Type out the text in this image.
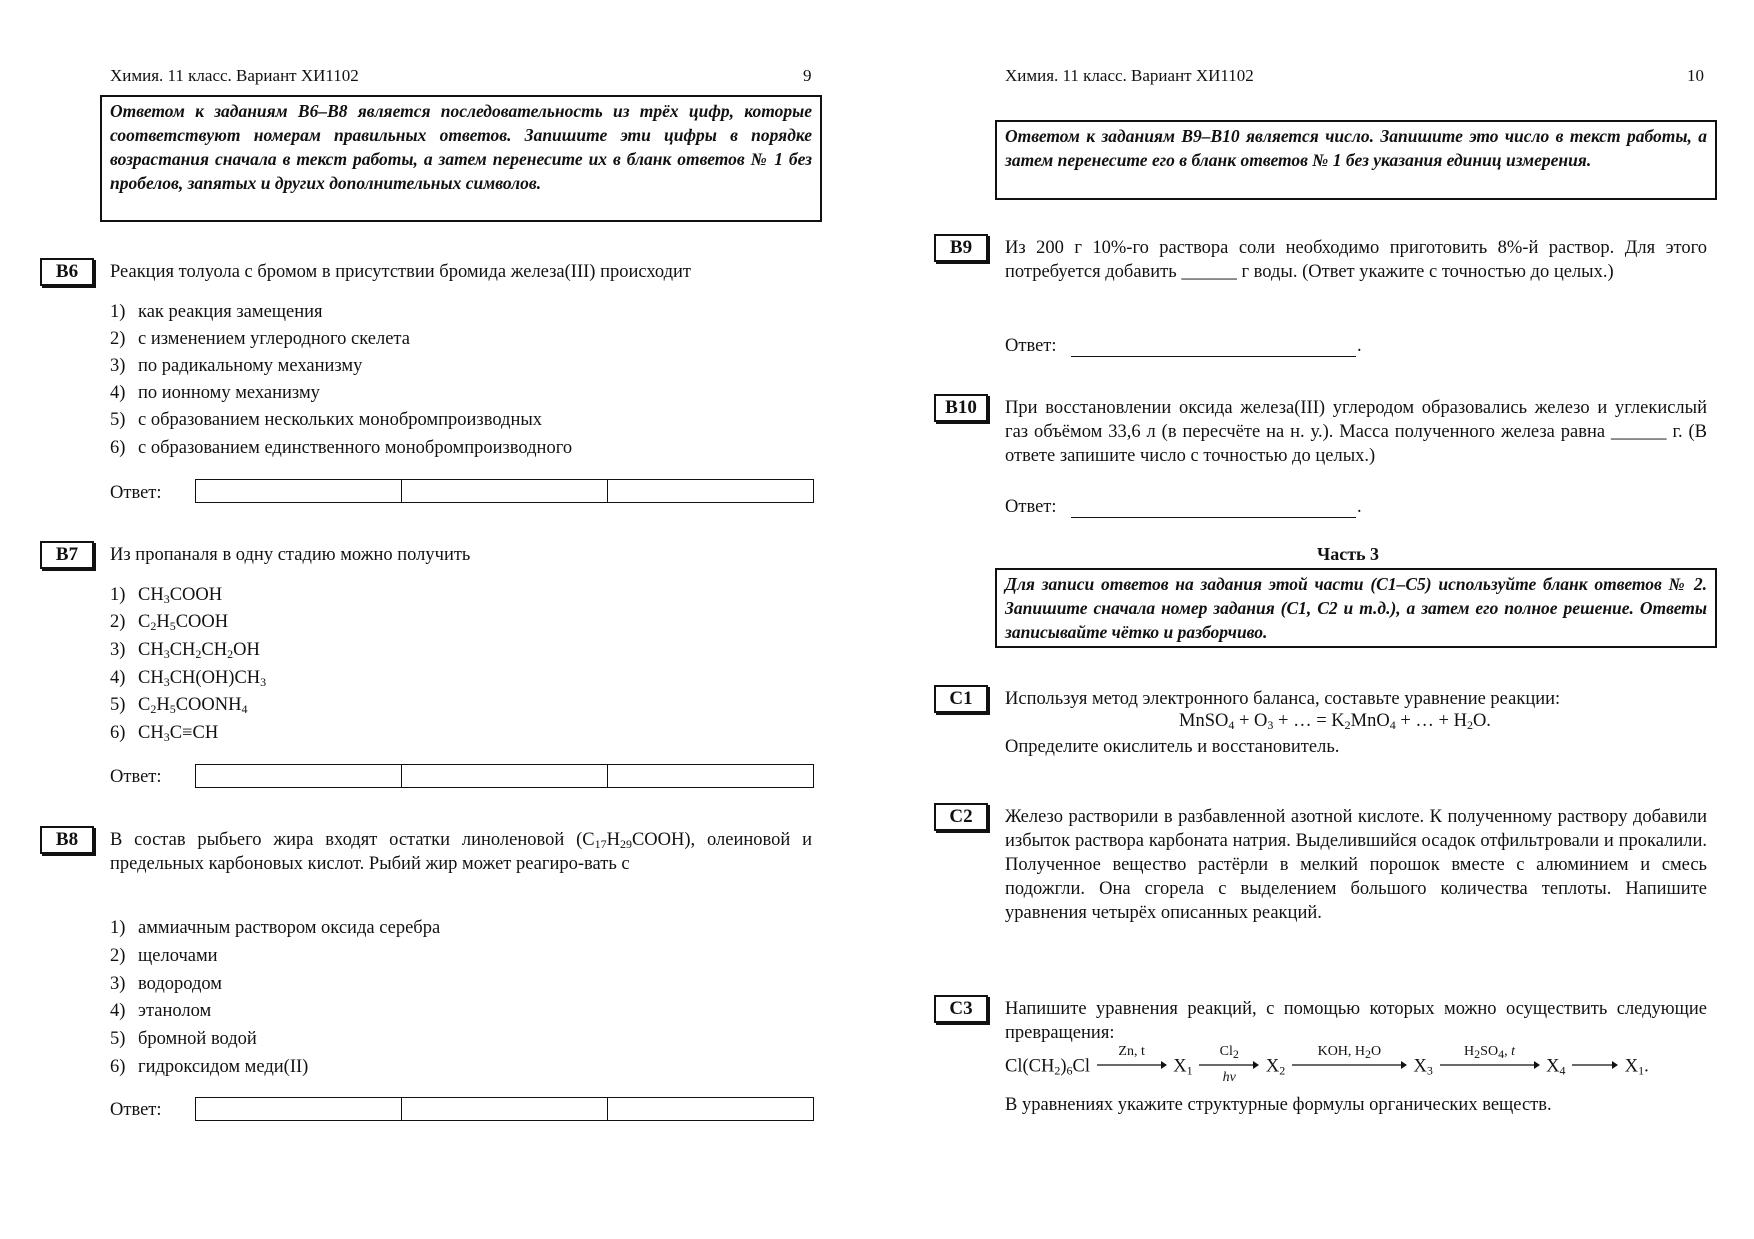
Химия. 11 класс. Вариант ХИ1102	9
Ответом к заданиям В6–В8 является последовательность из трёх цифр, которые соответствуют номерам правильных ответов. Запишите эти цифры в порядке возрастания сначала в текст работы, а затем перенесите их в бланк ответов № 1 без пробелов, запятых и других дополнительных символов.
В6	Реакция толуола с бромом в присутствии бромида железа(III) происходит
1) как реакция замещения
2) с изменением углеродного скелета
3) по радикальному механизму
4) по ионному механизму
5) с образованием нескольких монобромпроизводных
6) с образованием единственного монобромпроизводного
Ответ:
В7	Из пропаналя в одну стадию можно получить
1) $CH_3COOH$
2) $C_2H_5COOH$
3) $CH_3CH_2CH_2OH$
4) $CH_3CH(OH)CH_3$
5) $C_2H_5COONH_4$
6) $CH_3C\equiv CH$
Ответ:
В8	В состав рыбьего жира входят остатки линоленовой $(C_{17}H_{29}COOH)$, олеиновой и предельных карбоновых кислот. Рыбий жир может реагиро-вать с
1) аммиачным раствором оксида серебра
2) щелочами
3) водородом
4) этанолом
5) бромной водой
6) гидроксидом меди(II)
Ответ:
Химия. 11 класс. Вариант ХИ1102	10
Ответом к заданиям В9–В10 является число. Запишите это число в текст работы, а затем перенесите его в бланк ответов № 1 без указания единиц измерения.
В9	Из 200 г 10%-го раствора соли необходимо приготовить 8%-й раствор. Для этого потребуется добавить ______ г воды. (Ответ укажите с точностью до целых.)
Ответ:	.
В10	При восстановлении оксида железа(III) углеродом образовались железо и углекислый газ объёмом 33,6 л (в пересчёте на н. у.). Масса полученного железа равна ______ г. (В ответе запишите число с точностью до целых.)
Ответ:	.
Часть 3
Для записи ответов на задания этой части (С1–С5) используйте бланк ответов № 2. Запишите сначала номер задания (С1, С2 и т.д.), а затем его полное решение. Ответы записывайте чётко и разборчиво.
С1	Используя метод электронного баланса, составьте уравнение реакции:
MnSO$_4$ + $O_3$ + … = $K_2MnO_4$ + … + $H_2O$.
Определите окислитель и восстановитель.
С2	Железо растворили в разбавленной азотной кислоте. К полученному раствору добавили избыток раствора карбоната натрия. Выделившийся осадок отфильтровали и прокалили. Полученное вещество растёрли в мелкий порошок вместе с алюминием и смесь подожгли. Она сгорела с выделением большого количества теплоты. Напишите уравнения четырёх описанных реакций.
С3	Напишите уравнения реакций, с помощью которых можно осуществить следующие превращения:
$Cl(CH_2)_6Cl$
Zn, t
$X_1$
$Cl_2$
hv
$X_2$
KOH, $H_2O$
$X_3$
$H_2SO_4$, t
$X_4 \to X_1$.
В уравнениях укажите структурные формулы органических веществ.
